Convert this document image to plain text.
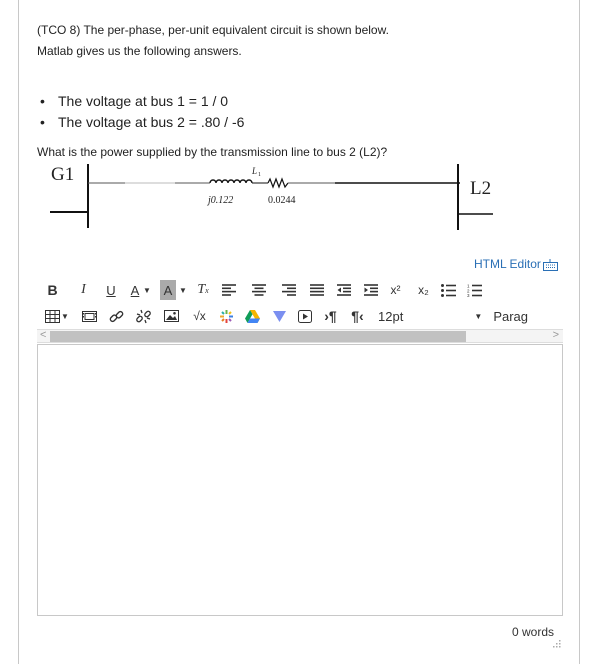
(TCO 8) The per-phase, per-unit equivalent circuit is shown below.
Matlab gives us the following answers.
• The voltage at bus 1 = 1 / 0
• The voltage at bus 2 = .80 / -6
What is the power supplied by the transmission line to bus 2 (L2)?
G1
L2
L 1
j0.122	0.0244
HTML Editor
B	I	U A ▼ A ▼ T x	x² x₂	1
2
3
▼	√x	›¶ ¶‹ 12pt	▼ Parag
<	>
0 words
